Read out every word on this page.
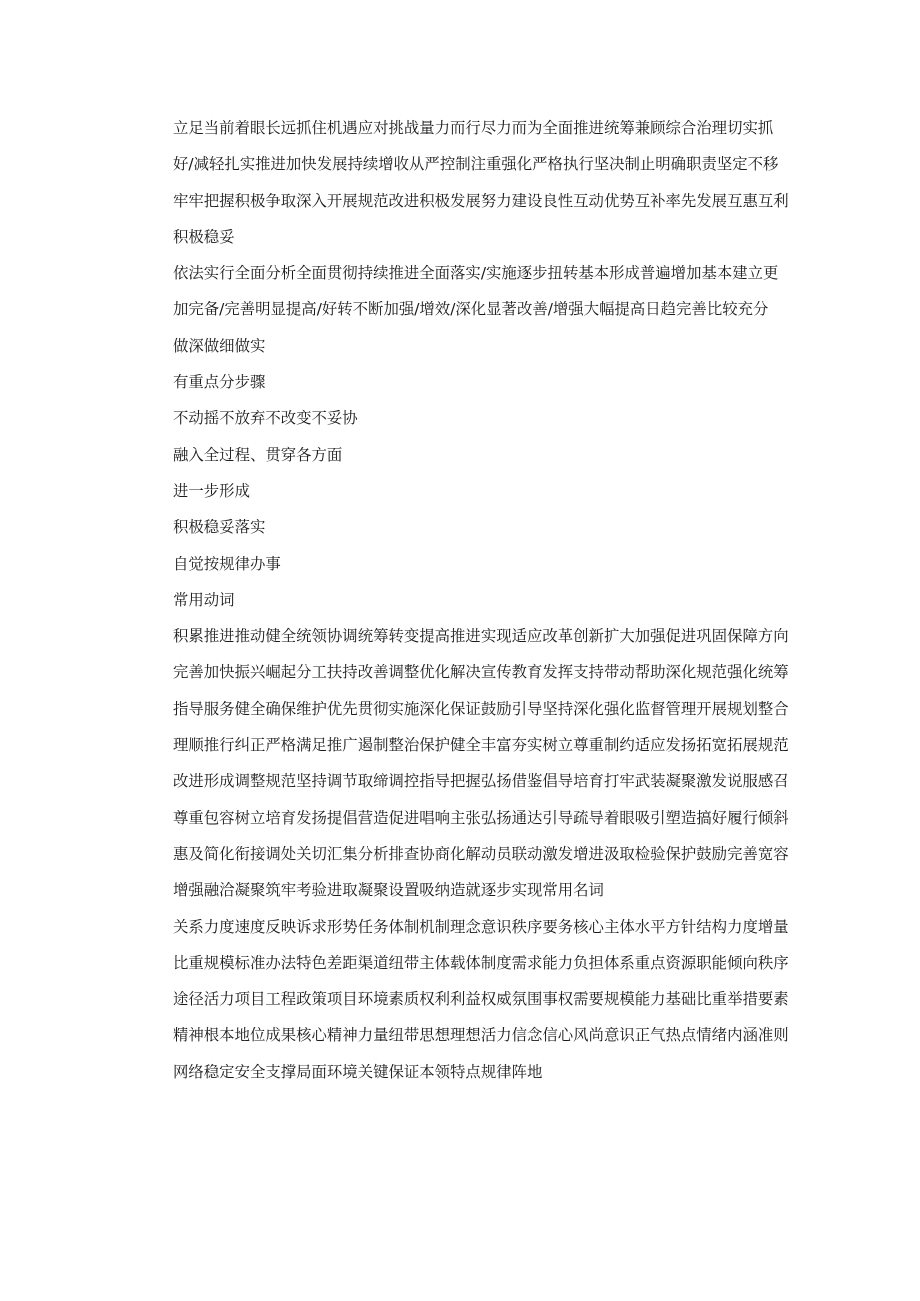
立足当前着眼长远抓住机遇应对挑战量力而行尽力而为全面推进统筹兼顾综合治理切实抓好/减轻扎实推进加快发展持续增收从严控制注重强化严格执行坚决制止明确职责坚定不移牢牢把握积极争取深入开展规范改进积极发展努力建设良性互动优势互补率先发展互惠互利积极稳妥

依法实行全面分析全面贯彻持续推进全面落实/实施逐步扭转基本形成普遍增加基本建立更加完备/完善明显提高/好转不断加强/增效/深化显著改善/增强大幅提高日趋完善比较充分

做深做细做实

有重点分步骤

不动摇不放弃不改变不妥协

融入全过程、贯穿各方面

进一步形成

积极稳妥落实

自觉按规律办事

常用动词

积累推进推动健全统领协调统筹转变提高推进实现适应改革创新扩大加强促进巩固保障方向完善加快振兴崛起分工扶持改善调整优化解决宣传教育发挥支持带动帮助深化规范强化统筹指导服务健全确保维护优先贯彻实施深化保证鼓励引导坚持深化强化监督管理开展规划整合理顺推行纠正严格满足推广遏制整治保护健全丰富夯实树立尊重制约适应发扬拓宽拓展规范改进形成调整规范坚持调节取缔调控指导把握弘扬借鉴倡导培育打牢武装凝聚激发说服感召尊重包容树立培育发扬提倡营造促进唱响主张弘扬通达引导疏导着眼吸引塑造搞好履行倾斜惠及简化衔接调处关切汇集分析排查协商化解动员联动激发增进汲取检验保护鼓励完善宽容增强融洽凝聚筑牢考验进取凝聚设置吸纳造就逐步实现常用名词

关系力度速度反映诉求形势任务体制机制理念意识秩序要务核心主体水平方针结构力度增量比重规模标准办法特色差距渠道纽带主体载体制度需求能力负担体系重点资源职能倾向秩序途径活力项目工程政策项目环境素质权利利益权威氛围事权需要规模能力基础比重举措要素精神根本地位成果核心精神力量纽带思想理想活力信念信心风尚意识正气热点情绪内涵准则网络稳定安全支撑局面环境关键保证本领特点规律阵地
